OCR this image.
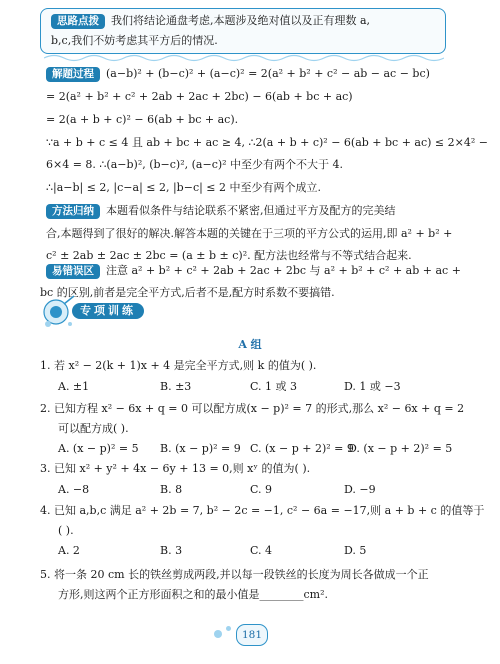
思路点拨 我们将结论通盘考虑,本题涉及绝对值以及正有理数 a,
b,c,我们不妨考虑其平方后的情况.
解题过程 (a−b)² + (b−c)² + (a−c)² = 2(a² + b² + c² − ab − ac − bc)
= 2(a² + b² + c² + 2ab + 2ac + 2bc) − 6(ab + bc + ac)
= 2(a + b + c)² − 6(ab + bc + ac).
∵a + b + c ≤ 4 且 ab + bc + ac ≥ 4, ∴2(a + b + c)² − 6(ab + bc + ac) ≤ 2×4² −
6×4 = 8. ∴(a−b)², (b−c)², (a−c)² 中至少有两个不大于 4.
∴|a−b| ≤ 2, |c−a| ≤ 2, |b−c| ≤ 2 中至少有两个成立.
方法归纳 本题看似条件与结论联系不紧密,但通过平方及配方的完美结
合,本题得到了很好的解决.解答本题的关键在于三项的平方公式的运用,即 a² + b² +
c² ± 2ab ± 2ac ± 2bc = (a ± b ± c)². 配方法也经常与不等式结合起来.
易错误区 注意 a² + b² + c² + 2ab + 2ac + 2bc 与 a² + b² + c² + ab + ac +
bc 的区别,前者是完全平方式,后者不是,配方时系数不要搞错.
专项训练
A 组
1. 若 x² − 2(k + 1)x + 4 是完全平方式,则 k 的值为( ).
A. ±1	B. ±3	C. 1 或 3	D. 1 或 −3
2. 已知方程 x² − 6x + q = 0 可以配方成(x − p)² = 7 的形式,那么 x² − 6x + q = 2
可以配方成( ).
A. (x − p)² = 5 B. (x − p)² = 9 C. (x − p + 2)² = 9
D. (x − p + 2)² = 5
3. 已知 x² + y² + 4x − 6y + 13 = 0,则 xʸ 的值为( ).
A. −8	B. 8	C. 9	D. −9
4. 已知 a,b,c 满足 a² + 2b = 7, b² − 2c = −1, c² − 6a = −17,则 a + b + c 的值等于
( ).
A. 2	B. 3	C. 4	D. 5
5. 将一条 20 cm 长的铁丝剪成两段,并以每一段铁丝的长度为周长各做成一个正
方形,则这两个正方形面积之和的最小值是________cm².
181
